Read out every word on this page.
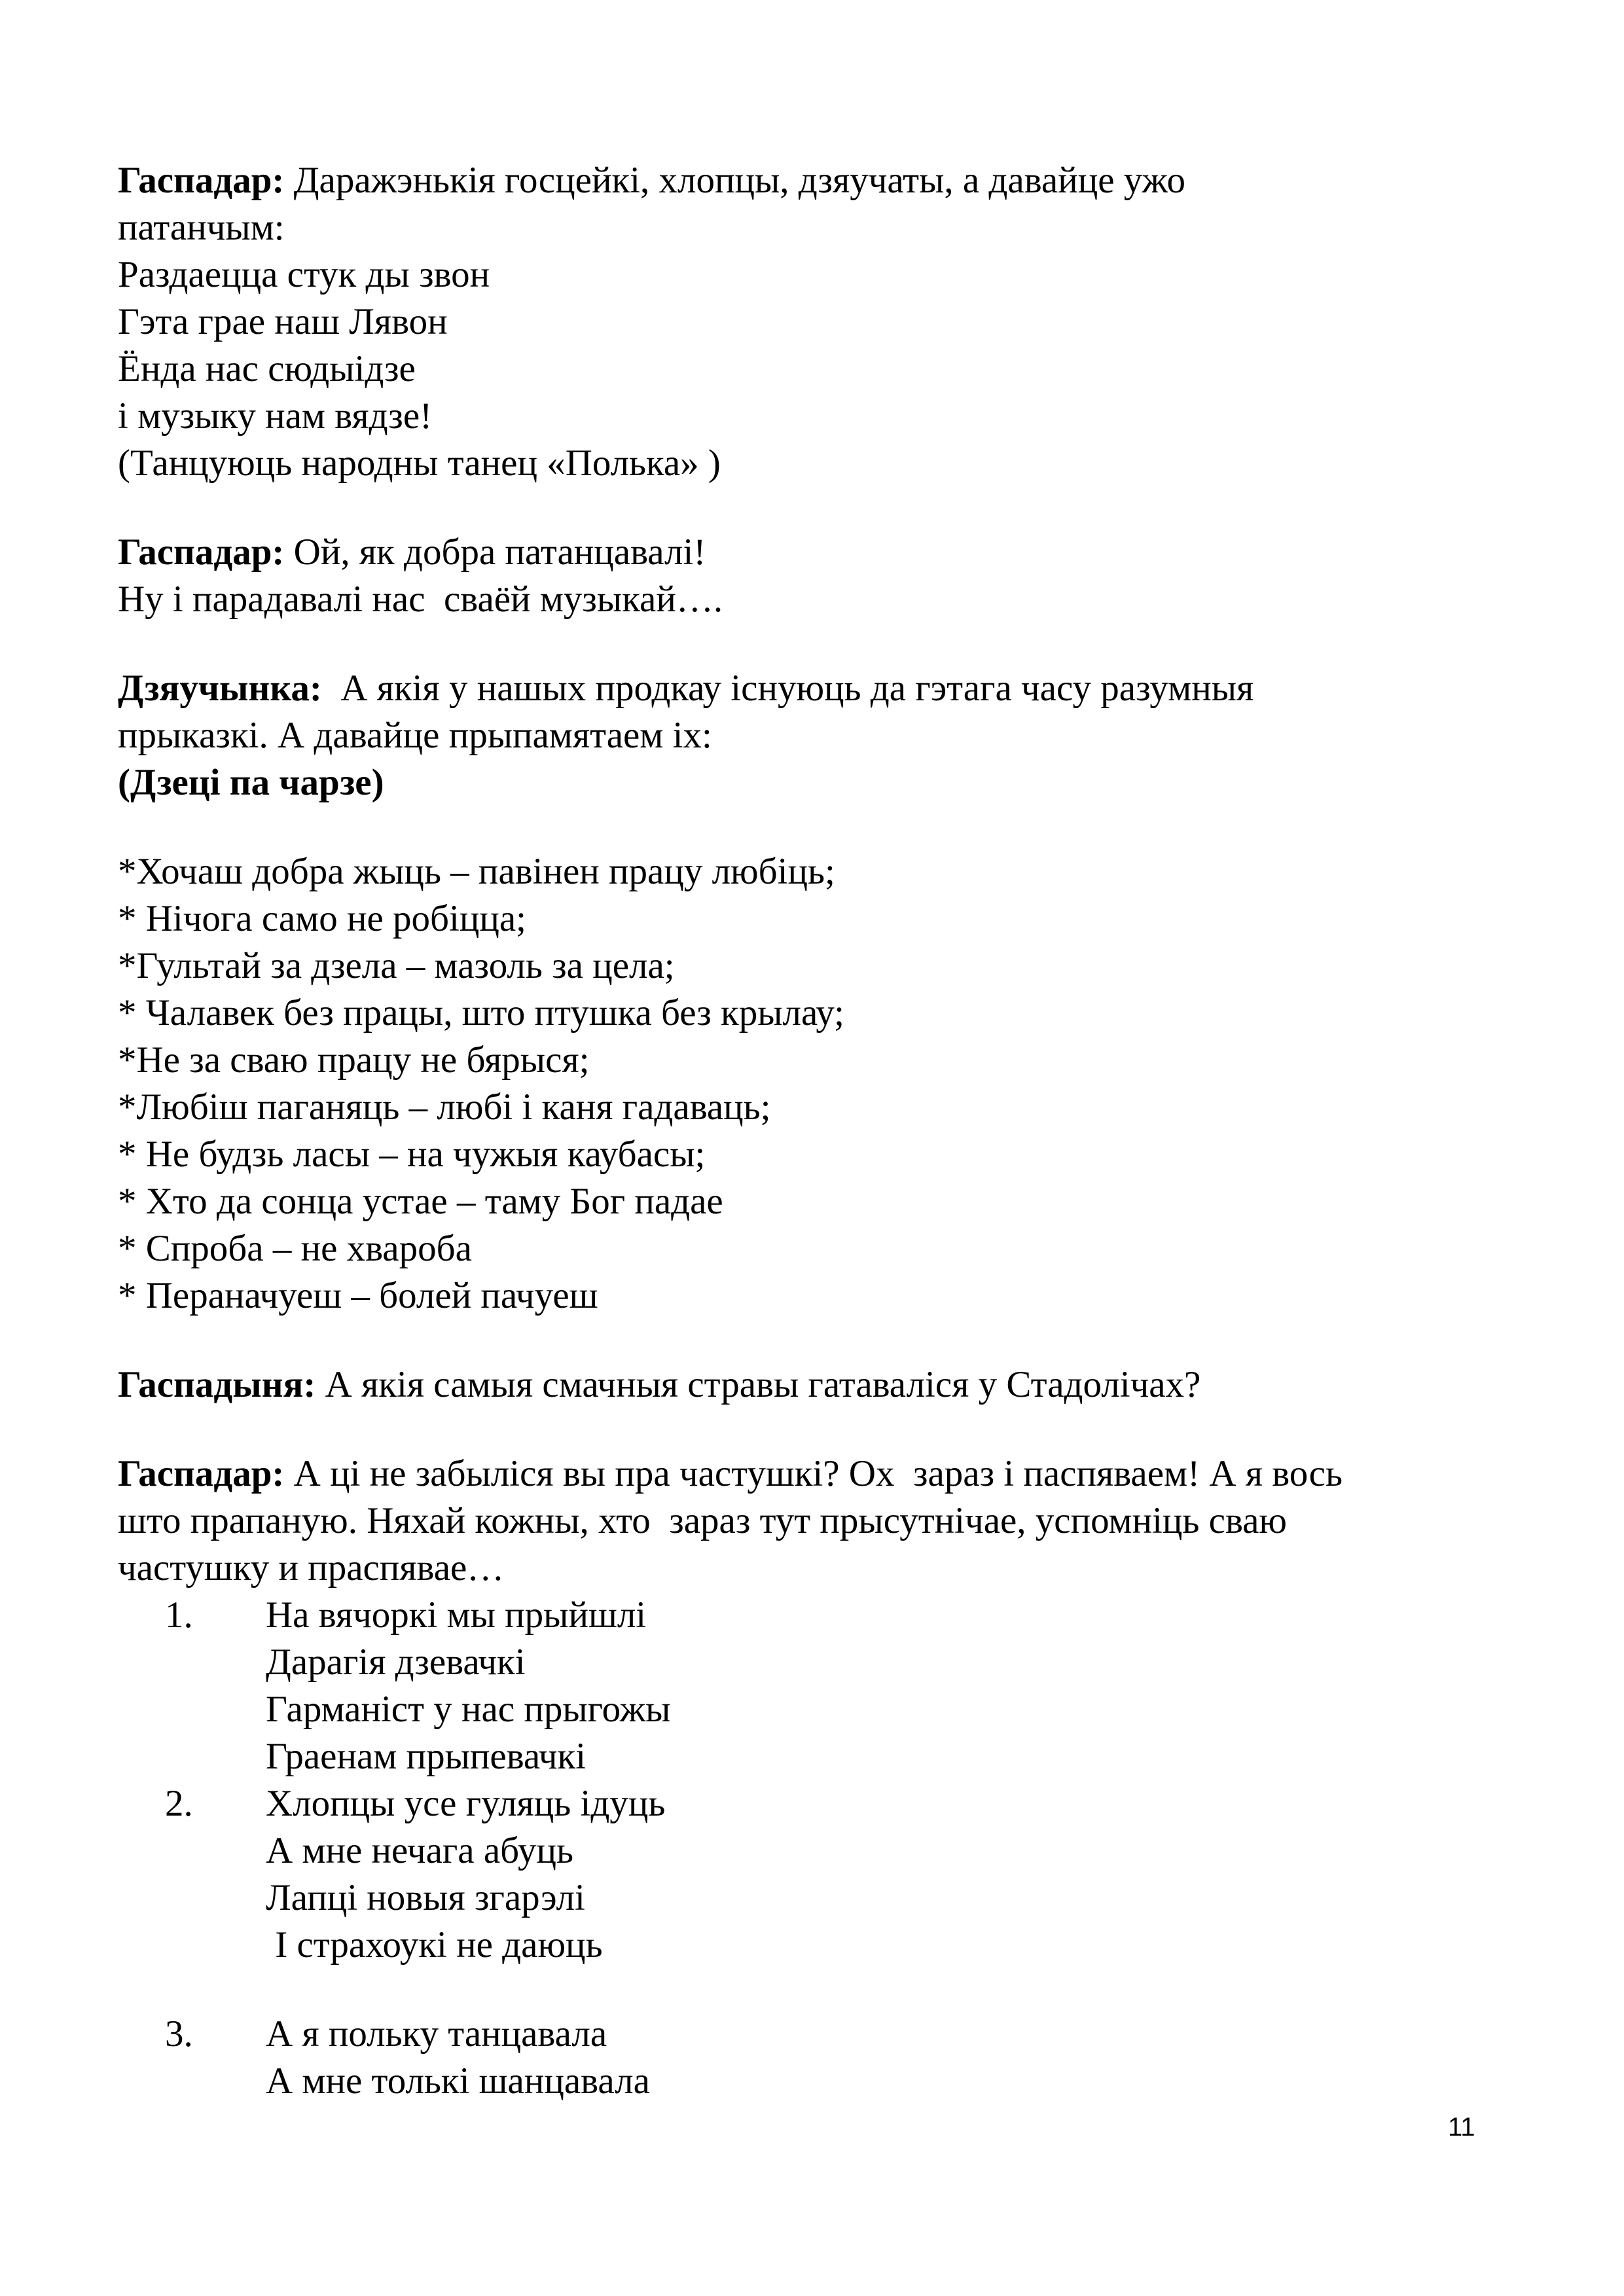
Гаспадар: Даражэнькія госцейкі, хлопцы, дзяучаты, а давайце ужо
патанчым:
Раздаецца стук ды звон
Гэта грае наш Лявон
Ёнда нас сюдыідзе
і музыку нам вядзе!
(Танцуюць народны танец «Полька» )
Гаспадар: Ой, як добра патанцавалі!
Ну і парадавалі нас  сваёй музыкай….
Дзяучынка:  А якія у нашых продкау існуюць да гэтага часу разумныя
прыказкі. А давайце прыпамятаем іх:
(Дзеці па чарзе)
*Хочаш добра жыць – павінен працу любіць;
* Нічога само не робіцца;
*Гультай за дзела – мазоль за цела;
* Чалавек без працы, што птушка без крылау;
*Не за сваю працу не бярыся;
*Любіш паганяць – любі і каня гадаваць;
* Не будзь ласы – на чужыя каубасы;
* Хто да сонца устае – таму Бог падае
* Спроба – не хвароба
* Пераначуеш – болей пачуеш
Гаспадыня: А якія самыя смачныя стравы гатаваліся у Стадолічах?
Гаспадар: А ці не забыліся вы пра частушкі? Ох  зараз і паспяваем! А я вось
што прапаную. Няхай кожны, хто  зараз тут прысутнічае, успомніць сваю
частушку и праспявае…
1. На вячоркі мы прыйшлі
Дарагія дзевачкі
Гарманіст у нас прыгожы
Граенам прыпевачкі
2. Хлопцы усе гуляць ідуць
А мне нечага абуць
Лапці новыя згарэлі
І страхоукі не даюць
3. А я польку танцавала
А мне толькі шанцавала
11
